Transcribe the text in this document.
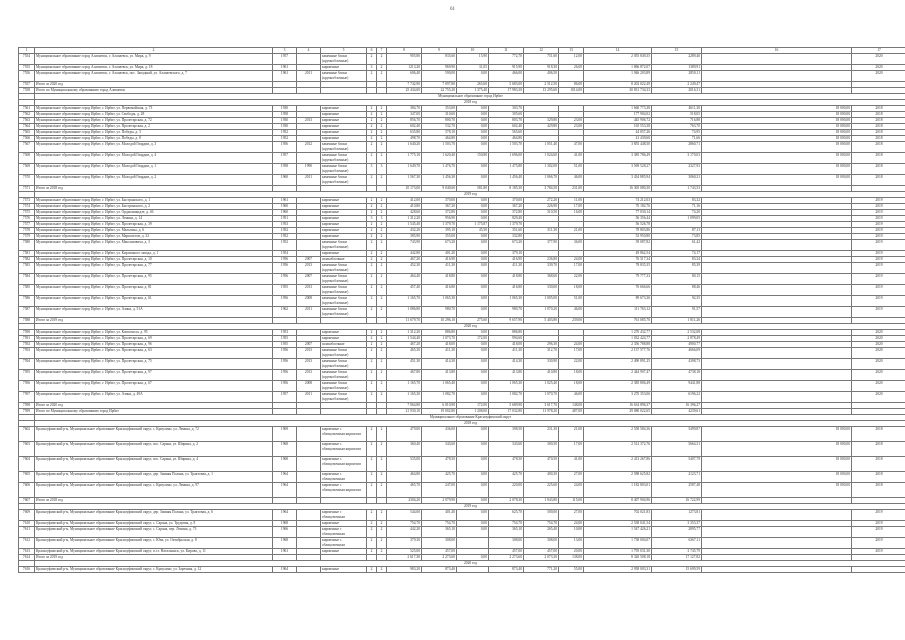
61
1	2	3	4	5	6	7	8	9	10	11	12	13	14	15	16	17
7554	Муниципальное образование город Алапаевск, г. Алапаевск, ул. Мира, д. 9	1957		каменные блоки (крупноблочные)	2	2	905,80	835,60	15,90	772,70	751,60	12,00	2 055 849,35	2289,40		2020
7555	Муниципальное образование город Алапаевск, г. Алапаевск, ул. Мира, д. 18	1961		кирпичные	3	2	1213,20	969,90	31,05	915,90	918,30	26,00	1 866 872,07	1389,91		2020
7556	Муниципальное образование город Алапаевск, г. Алапаевск, пос. Западный, ул. Алапаевского, д. 7	1961	2011	каменные блоки (крупноблочные)	2	2	606,40	590,00	0,00	466,00	406,50		1 946 203,89	2850,11		2020
7557	Итого за 2020 год						7 742,90	7 097,80	265,60	5 683,00	2 512,50	86,00	8 202 022,49	2 249,47		
7558	Итого по Муниципальному образованию город Алапаевск						25 434,00	22 755,20	1 375,40	17 983,30	13 295,60	1014,00	30 831 734,33	2016,31		
	Муниципальное образование город Ирбит															
	2018 год															
7561	Муниципальное образование город Ирбит, г. Ирбит, ул. Первомайская, д. 73	1930		кирпичные	2	2	384,70	353,00	0,00	303,70			1 660 773,38	4611,30	18 000,00	2018
7562	Муниципальное образование город Ирбит, г. Ирбит, ул. Свободы, д. 28	1958		кирпичные	2	2	347,00	310,60	0,00	305,60			177 904,02	518,05	18 000,00	2018
7563	Муниципальное образование город Ирбит, г. Ирбит, ул. Пролетарская, д. 72	1930	2013	кирпичные	2	2	856,70	800,70	0,00	803,70	329,80	23,00	445 906,72	716,88	18 000,00	2018
7564	Муниципальное образование город Ирбит, г. Ирбит, ул. Пролетарская, д. 2	1930		кирпичные	2	2	602,40	532,70	0,00	602,40	429,80	23,00	165 553,38	763,70	18 000,00	2018
7565	Муниципальное образование город Ирбит, г. Ирбит, ул. Победы, д. 3	1952		кирпичные	2	2	635,80	578,10	0,00	565,60			44 057,26	74,95	18 000,00	2018
7566	Муниципальное образование город Ирбит, г. Ирбит, ул. Победы, д. 8	1952		кирпичные	2	2	498,70	464,80	0,00	464,80			41 439,60	71,66	18 000,00	2018
7567	Муниципальное образование город Ирбит, г. Ирбит, ул. Молодой Гвардии, д. 3	1956	2012	каменные блоки (крупноблочные)	2	2	1 640,20	1 503,70	0,00	1 503,70	1 051,40	47,00	3 855 448,50	2860,71	18 000,00	2018
7568	Муниципальное образование город Ирбит, г. Ирбит, ул. Молодой Гвардии, д. 4	1957		каменные блоки (крупноблочные)	2	2	1 775,10	1 620,40	150,80	1 696,00	1 024,60	41,00	3 385 786,49	3 170,03	18 000,00	2018
7569	Муниципальное образование город Ирбит, г. Ирбит, ул. Молодой Гвардии, д. 1	1958	1990	каменные блоки (крупноблочные)	3	3	1 649,70	1 476,70	0,00	1 475,80	1 302,00	51,00	3 569 528,27	2327,93	18 000,00	2018
7570	Муниципальное образование город Ирбит, г. Ирбит, ул. Молодой Гвардии, д. 2	1960	2011	каменные блоки (крупноблочные)	2	2	1 567,30	1 456,30	0,00	1 456,40	1 066,70	46,00	3 434 885,94	3060,21	18 000,00	2018
7571	Итого за 2018 год						10 173,00	9 040,60	581,80	8 185,30	3 784,50	231,00	16 305 080,30	1 743,53		
	2019 год															
7573	Муниципальное образование город Ирбит, г. Ирбит, ул. Быстрянского, д. 1	1961		кирпичные	2	2	412,00	370,00	0,00	370,00	272,20	11,00	74 212,03	83,32		2019
7574	Муниципальное образование город Ирбит, г. Ирбит, ул. Быстрянского, д. 2	1960		кирпичные	2	2	410,80	367,20	0,00	367,20	226,90	17,00	70 182,76	71,16		2019
7575	Муниципальное образование город Ирбит, г. Ирбит, ул. Орджоникидзе, д. 46	1960		кирпичные	2	2	428,60	372,80	0,00	372,80	310,50	16,00	77 030,14	74,20		2019
7576	Муниципальное образование город Ирбит, г. Ирбит, ул. Ленина, д. 14	1951		кирпичные	3	3	1 312,20	956,90	0,00	829,40			56 356,44	1 099,05		2019
7577	Муниципальное образование город Ирбит, г. Ирбит, ул. Пролетарская, д. 39	1953		кирпичные	2	2	1 545,40	1 379,70	1 175,87	1 379,70			56 526,78			2019
7578	Муниципальное образование город Ирбит, г. Ирбит, ул. Мальгина, д. 6	1952		кирпичные	2	2	432,20	395,10	45,50	351,60	311,30	21,00	78 803,86	87,11		2019
7579	Муниципальное образование город Ирбит, г. Ирбит, ул. Марксистов, д. 32	1952		кирпичные	2	2	385,90	355,00	0,00	332,80			53 950,80	73,85		2019
7580	Муниципальное образование город Ирбит, г. Ирбит, ул. Максимовича, д. 3	1952		каменные блоки (крупноблочные)	2	2	743,90	673,20	0,00	673,20	377,90	36,00	59 087,82	61,42		2019
7581	Муниципальное образование город Ирбит, г. Ирбит, ул. Кирпичного завода, д. 1	1954		кирпичные	2	2	442,80	401,20	0,00	379,10			49 862,54	74,17		2019
7582	Муниципальное образование город Ирбит, г. Ирбит, ул. Пролетарская, д. 10	1956	2007	шлакоблочные	2	2	467,20	416,90	0,00	416,90	236,80	24,00	76 517,34	83,34		2019
7583	Муниципальное образование город Ирбит, г. Ирбит, ул. Пролетарская, д. 77	1956	2013	каменные блоки (крупноблочные)	2	2	452,30	411,30	0,00	411,30	339,70	17,00	78 835,35	85,39		2019
7584	Муниципальное образование город Ирбит, г. Ирбит, ул. Пролетарская, д. 95	1956	2007	каменные блоки (крупноблочные)	2	2	464,40	418,80	0,00	418,80	368,60	22,00	79 777,33	80,15		2019
7585	Муниципальное образование город Ирбит, г. Ирбит, ул. Пролетарская, д. 81	1955	2013	каменные блоки (крупноблочные)	2	2	457,40	416,80	0,00	416,80	330,00	18,00	76 666,66	88,46		2019
7586	Муниципальное образование город Ирбит, г. Ирбит, ул. Пролетарская, д. 61	1956	2008	каменные блоки (крупноблочные)	2	2	1 165,70	1 065,30	0,00	1 065,30	1 005,00	51,00	89 673,36	92,35		2019
7587	Муниципальное образование город Ирбит, г. Ирбит, ул. Азина, д. 51А	1962	2011	каменные блоки (крупноблочные)	2	2	1 086,80	980,70	0,00	980,70	1 070,20	46,00	111 763,12	91,57		2019
7588	Итого за 2019 год						11 679,70	10 296,10	275,60	9 657,90	5 403,80	239,00	761 085,70	1 811,26		
	2020 год															
7590	Муниципальное образование город Ирбит, г. Ирбит, ул. Комсомола, д. 95	1953		кирпичные	2	2	1 312,20	886,80	0,00	886,80			1 270 432,77	2 532,08		2020
7591	Муниципальное образование город Ирбит, г. Ирбит, ул. Пролетарская, д. 69	1955		кирпичные	2	2	1 544,40	1 073,70	172,00	994,60			1 032 424,77	2 878,49		2020
7592	Муниципальное образование город Ирбит, г. Ирбит, ул. Пролетарская, д. 96	1955	2007	шлакоблочные	2	2	467,20	418,00	0,00	418,00	296,30	24,00	2 356 788,88	4900,77		2020
7593	Муниципальное образование город Ирбит, г. Ирбит, ул. Пролетарская, д. 63	1956	2013	каменные блоки (крупноблочные)	2	2	465,30	411,30	0,00	411,30	312,70	17,00	2 137 577,76	4666,09		2020
7594	Муниципальное образование город Ирбит, г. Ирбит, ул. Пролетарская, д. 75	1956	2013	каменные блоки (крупноблочные)	2	2	451,30	414,30	0,00	414,30	330,90	22,00	2 490 891,25	4398,73		2020
7595	Муниципальное образование город Ирбит, г. Ирбит, ул. Пролетарская, д. 97	1956	2013	каменные блоки (крупноблочные)	2	2	467,80	413,80	0,00	413,80	410,80	18,00	2 444 907,47	4738,18		2020
7596	Муниципальное образование город Ирбит, г. Ирбит, ул. Пролетарская, д. 67	1956	2008	каменные блоки (крупноблочные)	2	2	1 165,70	1 065,40	0,00	1 065,30	1 025,40	18,00	2 385 806,49	9441,88		2020
7597	Муниципальное образование город Ирбит, г. Ирбит, ул. Азина, д. 49А	1957	2011	каменные блоки (крупноблочные)	2	2	1 165,30	1 082,70	0,00	1 082,70	1 070,70	46,00	3 270 353,06	6196,22		2020
7598	Итого за 2020 год						7 064,80	6 010,90	172,00	5 689,90	3 617,70	148,00	16 634 896,37	16 396,27		
7599	Итого по Муниципальному образованию город Ирбит						21 930,10	19 002,80	1 208,00	17 032,80	11 978,20	487,00	29 080 022,65	4239,61		
	Муниципальное образование Красноуфимский округ															
	2018 год															
7602	Красноуфимский р-н, Муниципальное образование Красноуфимский округ, с. Криулино, ул. Ленина, д. 72	1969		кирпичные с облицовочным кирпичом	2	2	479,00	436,00	0,00	398,50	231,30	21,00	2 558 584,36	5499,87	18 000,00	2018
7603	Красноуфимский р-н, Муниципальное образование Красноуфимский округ, пос. Сарана, ул. Ширина, д. 2	1968		кирпичные с облицовочным кирпичом	2	2	360,40	343,60	0,00	343,60	300,50	17,00	2 512 372,76	5664,31	18 000,00	2018
7604	Красноуфимский р-н, Муниципальное образование Красноуфимский округ, пос. Сарана, ул. Ширина, д. 4	1968		кирпичные с облицовочным кирпичом	2	2	535,00	478,50	0,00	478,50	470,50	41,00	2 413 267,86	5407,79	18 000,00	2018
7605	Красноуфимский р-н, Муниципальное образование Красноуфимский округ, дер. Зимняя Поляна, ул. Трактовая, д. 1	1964		кирпичные с облицовочным	2	2	464,80	425,70	0,00	425,70	400,30	27,00	2 588 625,82	2123,71	18 000,00	2018
7606	Красноуфимский р-н, Муниципальное образование Красноуфимский округ, с. Криулино, ул. Ленина, д. 97	1964		кирпичные с облицовочным кирпичом	2	2	465,70	247,00	0,00	220,00	225,60	24,00	1 182 803,01	2587,48	18 000,00	2018
7607	Итого за 2018 год						2304,20	2 079,90	0,00	2 078,30	1 943,80	115,00	8 407 904,96	16 722,99		
	2019 год															
7609	Красноуфимский р-н, Муниципальное образование Красноуфимский округ, дер. Зимняя Поляна, ул. Трактовая, д. 6	1964		кирпичные с облицовочным	2	2	544,00	401,40	0,00	625,70	500,00	27,00	702 021,83	1273,81		2019
7610	Красноуфимский р-н, Муниципальное образование Красноуфимский округ, с. Сарана, ул. Трудовая, д. 8	1968		кирпичные	2	2	754,70	754,70	0,00	754,70	754,70	24,00	2 538 041,54	3 353,37		2019
7611	Красноуфимский р-н, Муниципальное образование Красноуфимский округ, с. Сарана, пер. Ленина, д. 73	1966		кирпичные с облицовочным	2	2	442,20	365,10	0,00	365,10	265,40	10,00	1 547 426,21	2895,77		2019
7612	Красноуфимский р-н, Муниципальное образование Красноуфимский округ, с. Юва, ул. Октябрьская, д. 8	1968		кирпичные с облицовочным	2	2	379,30	308,00		308,00	308,00	13,00	1 738 004,07	6367,11		2019
7613	Красноуфимский р-н, Муниципальное образование Красноуфимский округ, п.г.т. Натальинск, ул. Кирова, д. 11	1961		кирпичные	2	2	525,00	457,00		457,00	457,00	20,00	1 795 031,30	3 745,79		2019
7614	Итого за 2019 год						2 617,30	2 273,60	0,00	2 273,60	2 073,30	138,00	8 320 508,18	17 127,82		
	2020 год															
7616	Красноуфимский р-н, Муниципальное образование Красноуфимский округ, с. Криулино, ул. Заречная, д. 12	1964		кирпичные	2	2	983,20	873,40		873,40	771,20	55,00	2 938 003,31	15 699,59		
